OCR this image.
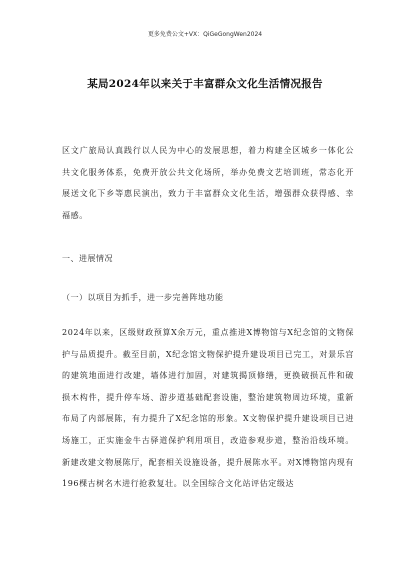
更多免费公文+VX：QiGeGongWen2024
某局2024年以来关于丰富群众文化生活情况报告
区文广旅局认真践行以人民为中心的发展思想，着力构建全区城乡一体化公共文化服务体系，免费开放公共文化场所，举办免费文艺培训班，常态化开展送文化下乡等惠民演出，致力于丰富群众文化生活，增强群众获得感、幸福感。
一、进展情况
（一）以项目为抓手，进一步完善阵地功能
2024年以来，区级财政预算X余万元，重点推进X博物馆与X纪念馆的文物保护与品质提升。截至目前，X纪念馆文物保护提升建设项目已完工，对景乐宫的建筑地面进行改建，墙体进行加固，对建筑揭顶修缮，更换破损瓦件和破损木构件，提升停车场、游步道基础配套设施，整治建筑物周边环境，重新布局了内部展陈，有力提升了X纪念馆的形象。X文物保护提升建设项目已进场施工，正实施金牛古驿道保护利用项目，改造参观步道，整治沿线环境。新建改建文物展陈厅，配套相关设施设备，提升展陈水平。对X博物馆内现有196棵古树名木进行抢救复壮。以全国综合文化站评估定级达
